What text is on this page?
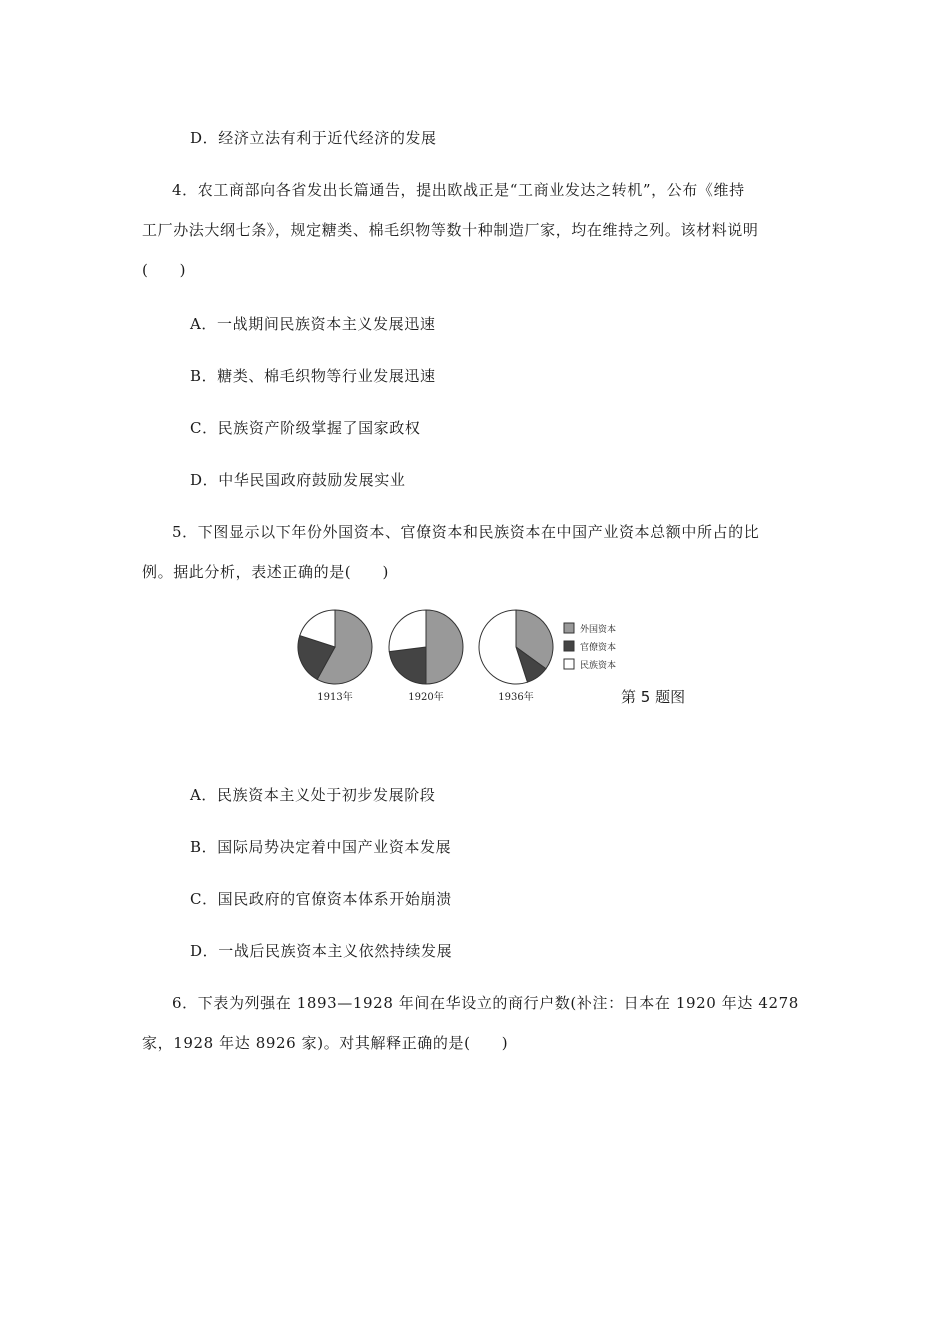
D．经济立法有利于近代经济的发展
4．农工商部向各省发出长篇通告，提出欧战正是“工商业发达之转机”，公布《维持
工厂办法大纲七条》，规定糖类、棉毛织物等数十种制造厂家，均在维持之列。该材料说明
(　　)
A．一战期间民族资本主义发展迅速
B．糖类、棉毛织物等行业发展迅速
C．民族资产阶级掌握了国家政权
D．中华民国政府鼓励发展实业
5．下图显示以下年份外国资本、官僚资本和民族资本在中国产业资本总额中所占的比
例。据此分析，表述正确的是(　　)
1913年	1920年	1936年
外国资本
官僚资本
民族资本
第 5 题图
A．民族资本主义处于初步发展阶段
B．国际局势决定着中国产业资本发展
C．国民政府的官僚资本体系开始崩溃
D．一战后民族资本主义依然持续发展
6．下表为列强在 1893—1928 年间在华设立的商行户数(补注：日本在 1920 年达 4278
家，1928 年达 8926 家)。对其解释正确的是(　　)
